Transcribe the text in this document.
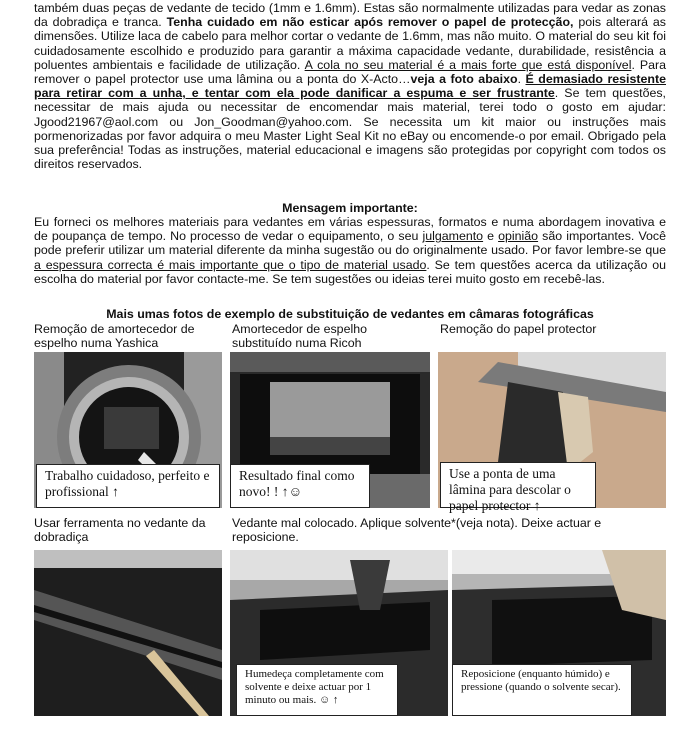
também duas peças de vedante de tecido (1mm e 1.6mm). Estas são normalmente utilizadas para vedar as zonas da dobradiça e tranca. Tenha cuidado em não esticar após remover o papel de protecção, pois alterará as dimensões. Utilize laca de cabelo para melhor cortar o vedante de 1.6mm, mas não muito. O material do seu kit foi cuidadosamente escolhido e produzido para garantir a máxima capacidade vedante, durabilidade, resistência a poluentes ambientais e facilidade de utilização. A cola no seu material é a mais forte que está disponível. Para remover o papel protector use uma lâmina ou a ponta do X-Acto…veja a foto abaixo. É demasiado resistente para retirar com a unha, e tentar com ela pode danificar a espuma e ser frustrante. Se tem questões, necessitar de mais ajuda ou necessitar de encomendar mais material, terei todo o gosto em ajudar: Jgood21967@aol.com ou Jon_Goodman@yahoo.com. Se necessita um kit maior ou instruções mais pormenorizadas por favor adquira o meu Master Light Seal Kit no eBay ou encomende-o por email. Obrigado pela sua preferência! Todas as instruções, material educacional e imagens são protegidas por copyright com todos os direitos reservados.

Mensagem importante:

Eu forneci os melhores materiais para vedantes em várias espessuras, formatos e numa abordagem inovativa e de poupança de tempo. No processo de vedar o equipamento, o seu julgamento e opinião são importantes. Você pode preferir utilizar um material diferente da minha sugestão ou do originalmente usado. Por favor lembre-se que a espessura correcta é mais importante que o tipo de material usado. Se tem questões acerca da utilização ou escolha do material por favor contacte-me. Se tem sugestões ou ideias terei muito gosto em recebê-las.

Mais umas fotos de exemplo de substituição de vedantes em câmaras fotográficas
Remoção de amortecedor de espelho numa Yashica
Amortecedor de espelho substituído numa Ricoh
Remoção do papel protector
Trabalho cuidadoso, perfeito e profissional ↑
Resultado final como novo! ! ↑☺
Use a ponta de uma lâmina para descolar o papel protector ↑
Usar ferramenta no vedante da dobradiça
Vedante mal colocado. Aplique solvente*(veja nota). Deixe actuar e reposicione.
Humedeça completamente com solvente e deixe actuar por 1 minuto ou mais. ☺ ↑
Reposicione (enquanto húmido) e pressione (quando o solvente secar).
